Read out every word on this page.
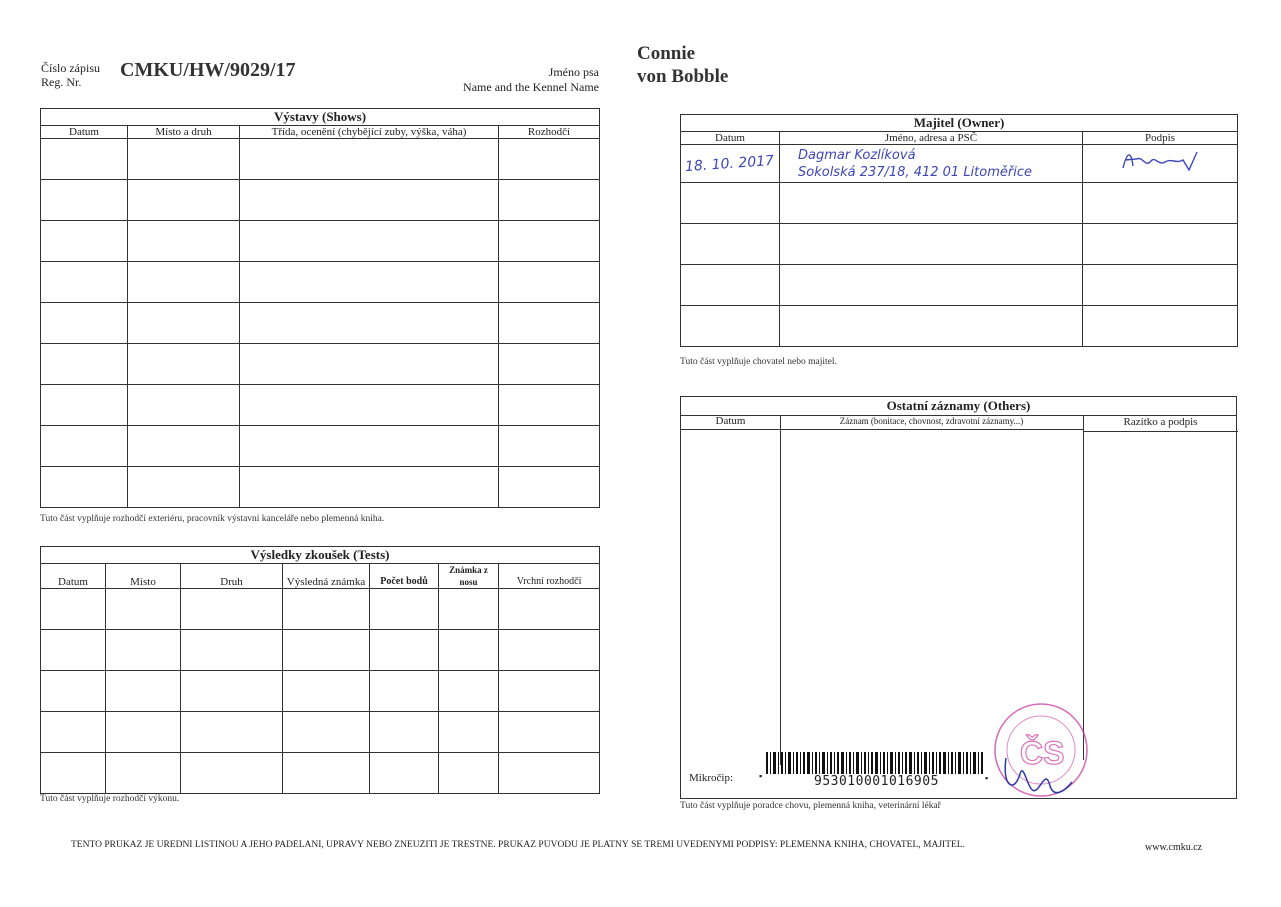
Číslo zápisu
Reg. Nr.
CMKU/HW/9029/17	Jméno psa
Name and the Kennel Name
Connie
von Bobble
Výstavy (Shows)			
Datum	Místo a druh	Třída, ocenění (chybějící zuby, výška, váha)	Rozhodčí

Tuto část vyplňuje rozhodčí exteriéru, pracovník výstavní kanceláře nebo plemenná kniha.
Výsledky zkoušek (Tests)						
Datum	Místo	Druh	Výsledná známka	Počet bodů	Známka z nosu	Vrchní rozhodčí

Tuto část vyplňuje rozhodčí výkonu.
Majitel (Owner)		
Datum	Jméno, adresa a PSČ	Podpis
18. 10. 2017	Dagmar Kozlíková
Sokolská 237/18, 412 01 Litoměřice

Tuto část vyplňuje chovatel nebo majitel.
Ostatní záznamy (Others)
Datum	Záznam (bonitace, chovnost, zdravotní záznamy...)	Razítko a podpis
Mikročip:	▪	953010001016905	▪
ČS
Tuto část vyplňuje poradce chovu, plemenná kniha, veterinární lékař
TENTO PRŮKAZ JE ÚŘEDNÍ LISTINOU A JEHO PADĚLÁNÍ, ÚPRAVY NEBO ZNEUŽITÍ JE TRESTNÉ. PRŮKAZ PŮVODU JE PLATNÝ SE TŘEMI UVEDENÝMI PODPISY: PLEMENNÁ KNIHA, CHOVATEL, MAJITEL.	www.cmku.cz
